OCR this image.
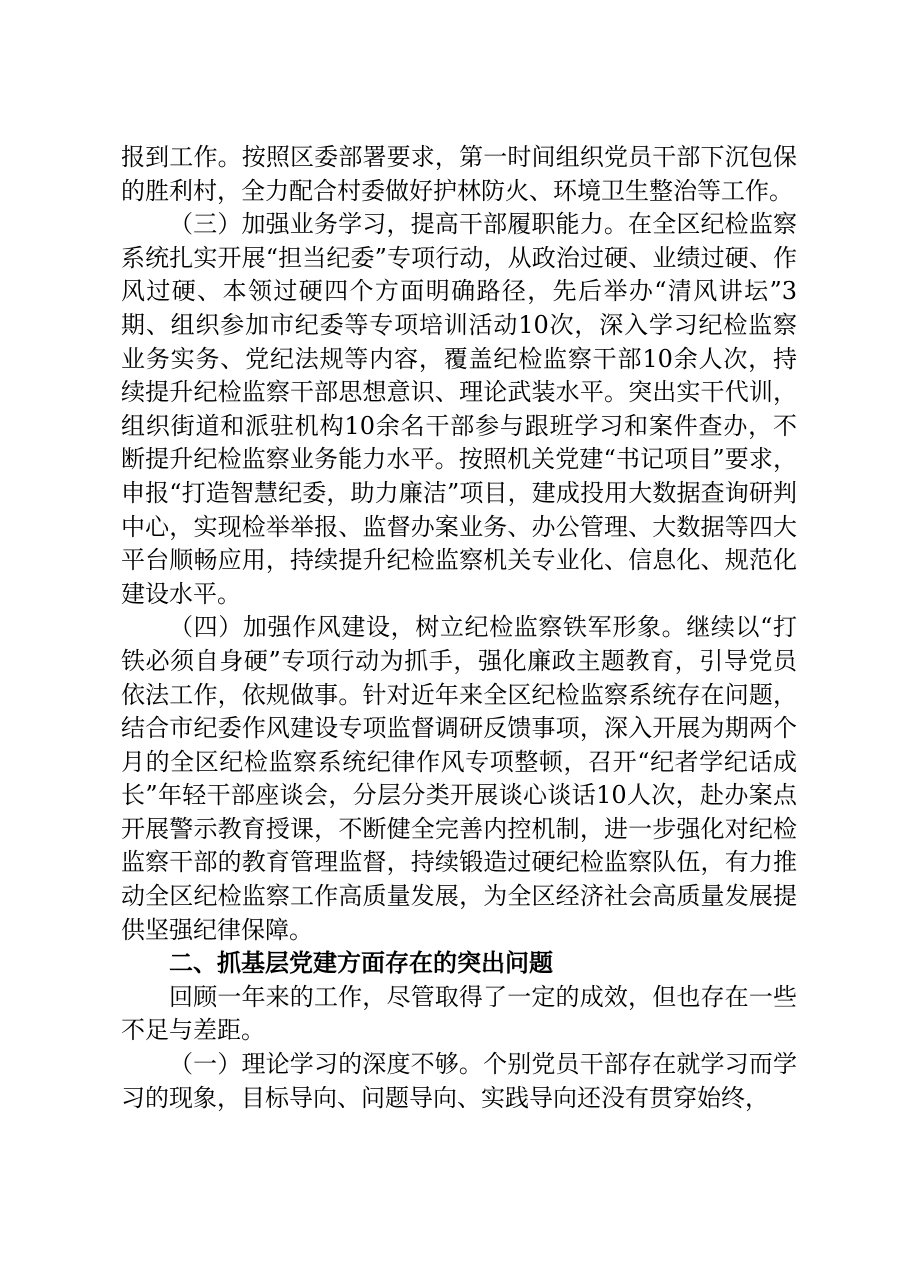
报到工作。按照区委部署要求，第一时间组织党员干部下沉包保的胜利村，全力配合村委做好护林防火、环境卫生整治等工作。

（三）加强业务学习，提高干部履职能力。在全区纪检监察系统扎实开展“担当纪委”专项行动，从政治过硬、业绩过硬、作风过硬、本领过硬四个方面明确路径，先后举办“清风讲坛”3期、组织参加市纪委等专项培训活动10次，深入学习纪检监察业务实务、党纪法规等内容，覆盖纪检监察干部10余人次，持续提升纪检监察干部思想意识、理论武装水平。突出实干代训，组织街道和派驻机构10余名干部参与跟班学习和案件查办，不断提升纪检监察业务能力水平。按照机关党建“书记项目”要求，申报“打造智慧纪委，助力廉洁”项目，建成投用大数据查询研判中心，实现检举举报、监督办案业务、办公管理、大数据等四大平台顺畅应用，持续提升纪检监察机关专业化、信息化、规范化建设水平。

（四）加强作风建设，树立纪检监察铁军形象。继续以“打铁必须自身硬”专项行动为抓手，强化廉政主题教育，引导党员依法工作，依规做事。针对近年来全区纪检监察系统存在问题，结合市纪委作风建设专项监督调研反馈事项，深入开展为期两个月的全区纪检监察系统纪律作风专项整顿，召开“纪者学纪话成长”年轻干部座谈会，分层分类开展谈心谈话10人次，赴办案点开展警示教育授课，不断健全完善内控机制，进一步强化对纪检监察干部的教育管理监督，持续锻造过硬纪检监察队伍，有力推动全区纪检监察工作高质量发展，为全区经济社会高质量发展提供坚强纪律保障。

二、抓基层党建方面存在的突出问题

回顾一年来的工作，尽管取得了一定的成效，但也存在一些不足与差距。

（一）理论学习的深度不够。个别党员干部存在就学习而学习的现象，目标导向、问题导向、实践导向还没有贯穿始终，
